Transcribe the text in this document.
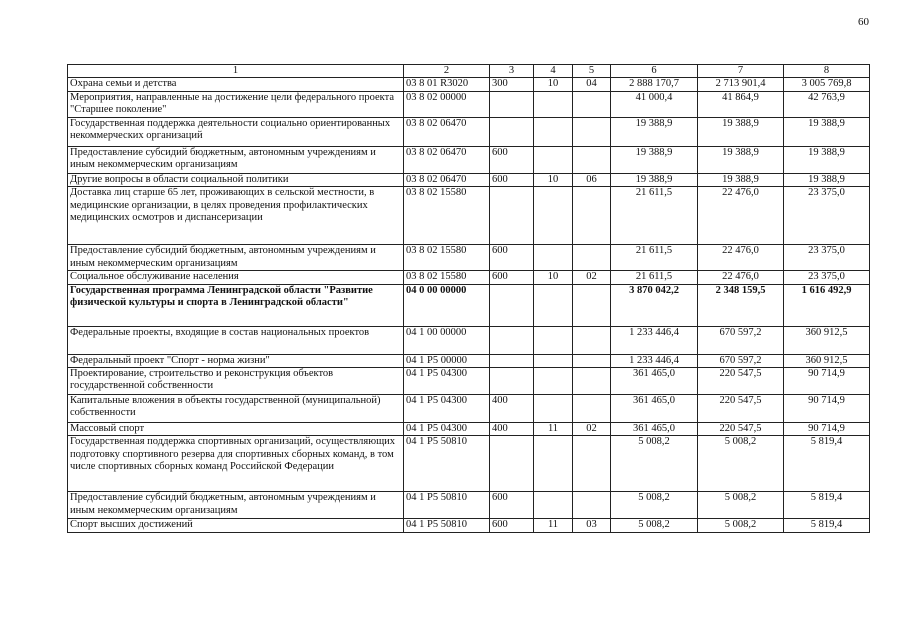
60
1	2	3	4	5	6	7	8
Охрана семьи и детства	03 8 01 R3020	300	10	04	2 888 170,7	2 713 901,4	3 005 769,8
Мероприятия, направленные на достижение цели федерального проекта "Старшее поколение"	03 8 02 00000				41 000,4	41 864,9	42 763,9
Государственная поддержка деятельности социально ориентированных некоммерческих организаций	03 8 02 06470				19 388,9	19 388,9	19 388,9
Предоставление субсидий бюджетным, автономным учреждениям и иным некоммерческим организациям	03 8 02 06470	600			19 388,9	19 388,9	19 388,9
Другие вопросы в области социальной политики	03 8 02 06470	600	10	06	19 388,9	19 388,9	19 388,9
Доставка лиц старше 65 лет, проживающих в сельской местности, в медицинские организации, в целях проведения профилактических медицинских осмотров и диспансеризации	03 8 02 15580				21 611,5	22 476,0	23 375,0
Предоставление субсидий бюджетным, автономным учреждениям и иным некоммерческим организациям	03 8 02 15580	600			21 611,5	22 476,0	23 375,0
Социальное обслуживание населения	03 8 02 15580	600	10	02	21 611,5	22 476,0	23 375,0
Государственная программа Ленинградской области "Развитие физической культуры и спорта в Ленинградской области"	04 0 00 00000				3 870 042,2	2 348 159,5	1 616 492,9
Федеральные проекты, входящие в состав национальных проектов	04 1 00 00000				1 233 446,4	670 597,2	360 912,5
Федеральный проект "Спорт - норма жизни"	04 1 P5 00000				1 233 446,4	670 597,2	360 912,5
Проектирование, строительство и реконструкция объектов государственной собственности	04 1 P5 04300				361 465,0	220 547,5	90 714,9
Капитальные вложения в объекты государственной (муниципальной) собственности	04 1 P5 04300	400			361 465,0	220 547,5	90 714,9
Массовый спорт	04 1 P5 04300	400	11	02	361 465,0	220 547,5	90 714,9
Государственная поддержка спортивных организаций, осуществляющих подготовку спортивного резерва для спортивных сборных команд, в том числе спортивных сборных команд Российской Федерации	04 1 P5 50810				5 008,2	5 008,2	5 819,4
Предоставление субсидий бюджетным, автономным учреждениям и иным некоммерческим организациям	04 1 P5 50810	600			5 008,2	5 008,2	5 819,4
Спорт высших достижений	04 1 P5 50810	600	11	03	5 008,2	5 008,2	5 819,4
